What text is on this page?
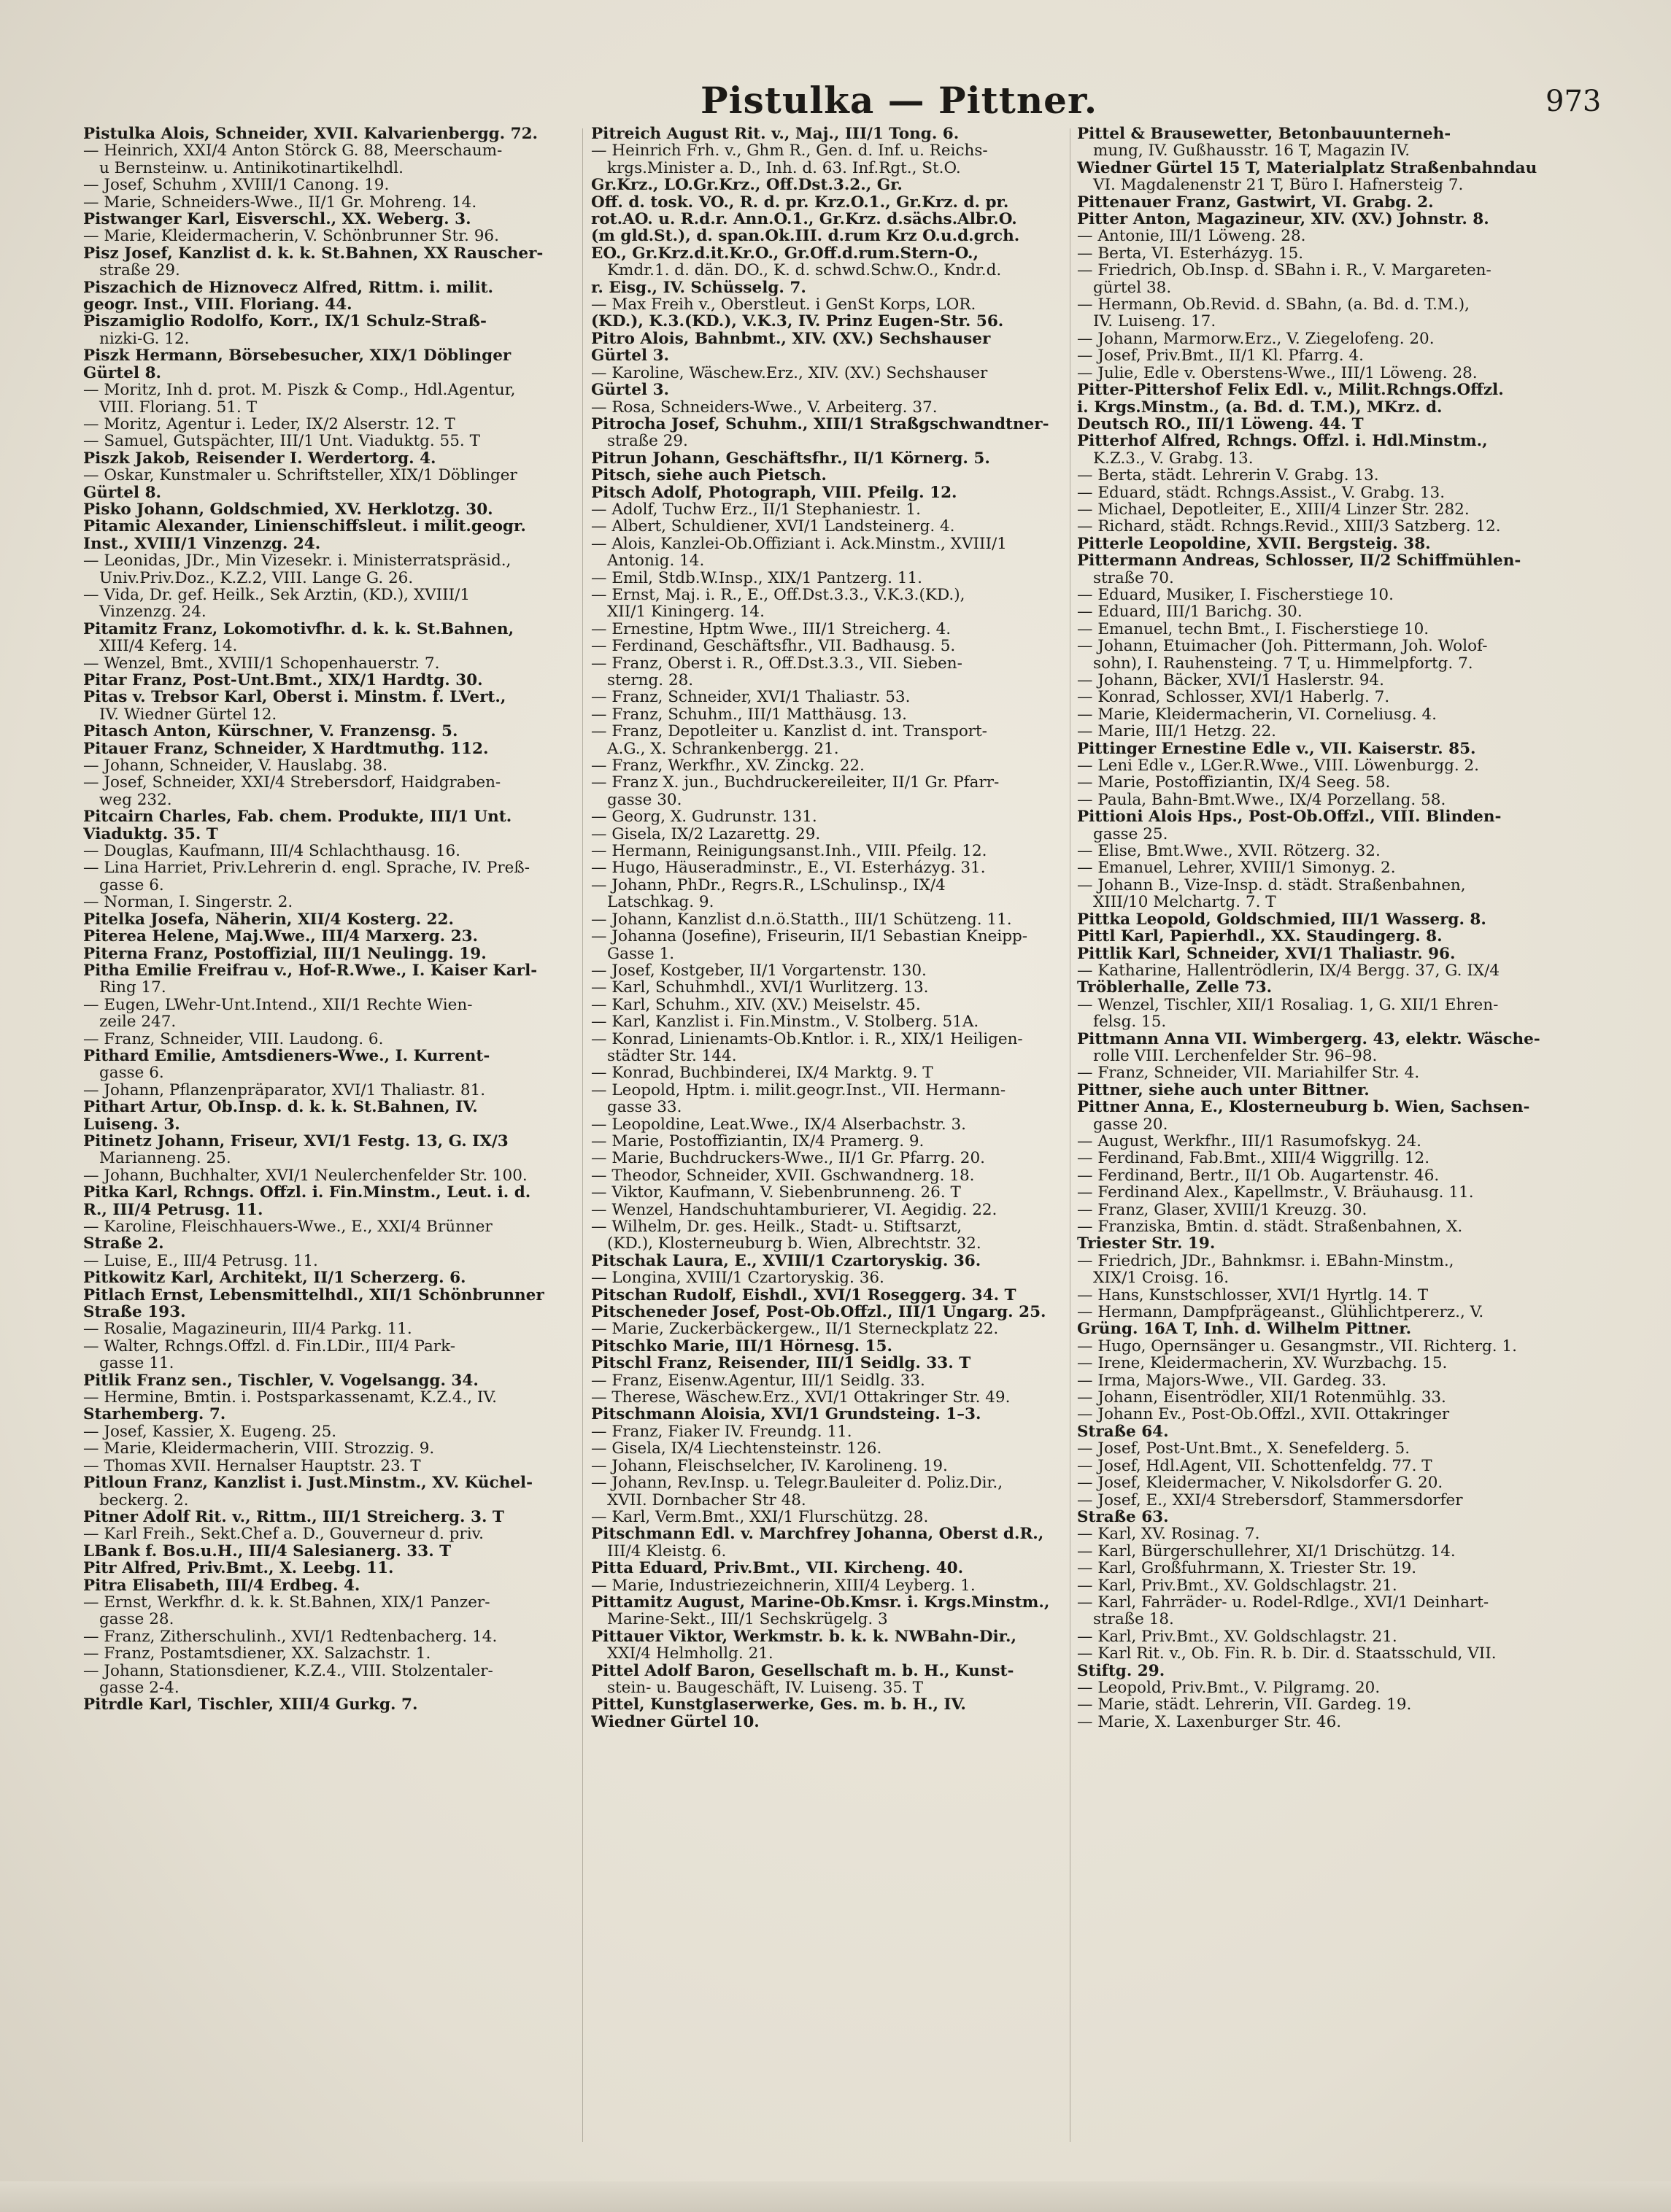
Pistulka — Pittner.	973
Pistulka Alois, Schneider, XVII. Kalvarienbergg. 72.
— Heinrich, XXI/4 Anton Störck G. 88, Meerschaum-
u Bernsteinw. u. Antinikotinartikelhdl.
— Josef, Schuhm , XVIII/1 Canong. 19.
— Marie, Schneiders-Wwe., II/1 Gr. Mohreng. 14.
Pistwanger Karl, Eisverschl., XX. Weberg. 3.
— Marie, Kleidermacherin, V. Schönbrunner Str. 96.
Pisz Josef, Kanzlist d. k. k. St.Bahnen, XX Rauscher-
straße 29.
Piszachich de Hiznovecz Alfred, Rittm. i. milit.
geogr. Inst., VIII. Floriang. 44.
Piszamiglio Rodolfo, Korr., IX/1 Schulz-Straß-
nizki-G. 12.
Piszk Hermann, Börsebesucher, XIX/1 Döblinger
Gürtel 8.
— Moritz, Inh d. prot. M. Piszk & Comp., Hdl.Agentur,
VIII. Floriang. 51. T
— Moritz, Agentur i. Leder, IX/2 Alserstr. 12. T
— Samuel, Gutspächter, III/1 Unt. Viaduktg. 55. T
Piszk Jakob, Reisender I. Werdertorg. 4.
— Oskar, Kunstmaler u. Schriftsteller, XIX/1 Döblinger
Gürtel 8.
Pisko Johann, Goldschmied, XV. Herklotzg. 30.
Pitamic Alexander, Linienschiffsleut. i milit.geogr.
Inst., XVIII/1 Vinzenzg. 24.
— Leonidas, JDr., Min Vizesekr. i. Ministerratspräsid.,
Univ.Priv.Doz., K.Z.2, VIII. Lange G. 26.
— Vida, Dr. gef. Heilk., Sek Ärztin, (KD.), XVIII/1
Vinzenzg. 24.
Pitamitz Franz, Lokomotivfhr. d. k. k. St.Bahnen,
XIII/4 Keferg. 14.
— Wenzel, Bmt., XVIII/1 Schopenhauerstr. 7.
Pitar Franz, Post-Unt.Bmt., XIX/1 Hardtg. 30.
Pitas v. Trebsor Karl, Oberst i. Minstm. f. LVert.,
IV. Wiedner Gürtel 12.
Pitasch Anton, Kürschner, V. Franzensg. 5.
Pitauer Franz, Schneider, X Hardtmuthg. 112.
— Johann, Schneider, V. Hauslabg. 38.
— Josef, Schneider, XXI/4 Strebersdorf, Haidgraben-
weg 232.
Pitcairn Charles, Fab. chem. Produkte, III/1 Unt.
Viaduktg. 35. T
— Douglas, Kaufmann, III/4 Schlachthausg. 16.
— Lina Harriet, Priv.Lehrerin d. engl. Sprache, IV. Preß-
gasse 6.
— Norman, I. Singerstr. 2.
Pitelka Josefa, Näherin, XII/4 Kosterg. 22.
Piterea Helene, Maj.Wwe., III/4 Marxerg. 23.
Piterna Franz, Postoffizial, III/1 Neulingg. 19.
Pitha Emilie Freifrau v., Hof-R.Wwe., I. Kaiser Karl-
Ring 17.
— Eugen, LWehr-Unt.Intend., XII/1 Rechte Wien-
zeile 247.
— Franz, Schneider, VIII. Laudong. 6.
Pithard Emilie, Amtsdieners-Wwe., I. Kurrent-
gasse 6.
— Johann, Pflanzenpräparator, XVI/1 Thaliastr. 81.
Pithart Artur, Ob.Insp. d. k. k. St.Bahnen, IV.
Luiseng. 3.
Pitinetz Johann, Friseur, XVI/1 Festg. 13, G. IX/3
Marianneng. 25.
— Johann, Buchhalter, XVI/1 Neulerchenfelder Str. 100.
Pitka Karl, Rchngs. Offzl. i. Fin.Minstm., Leut. i. d.
R., III/4 Petrusg. 11.
— Karoline, Fleischhauers-Wwe., E., XXI/4 Brünner
Straße 2.
— Luise, E., III/4 Petrusg. 11.
Pitkowitz Karl, Architekt, II/1 Scherzerg. 6.
Pitlach Ernst, Lebensmittelhdl., XII/1 Schönbrunner
Straße 193.
— Rosalie, Magazineurin, III/4 Parkg. 11.
— Walter, Rchngs.Offzl. d. Fin.LDir., III/4 Park-
gasse 11.
Pitlik Franz sen., Tischler, V. Vogelsangg. 34.
— Hermine, Bmtin. i. Postsparkassenamt, K.Z.4., IV.
Starhemberg. 7.
— Josef, Kassier, X. Eugeng. 25.
— Marie, Kleidermacherin, VIII. Strozzig. 9.
— Thomas XVII. Hernalser Hauptstr. 23. T
Pitloun Franz, Kanzlist i. Just.Minstm., XV. Küchel-
beckerg. 2.
Pitner Adolf Rit. v., Rittm., III/1 Streicherg. 3. T
— Karl Freih., Sekt.Chef a. D., Gouverneur d. priv.
LBank f. Bos.u.H., III/4 Salesianerg. 33. T
Pitr Alfred, Priv.Bmt., X. Leebg. 11.
Pitra Elisabeth, III/4 Erdbeg. 4.
— Ernst, Werkfhr. d. k. k. St.Bahnen, XIX/1 Panzer-
gasse 28.
— Franz, Zitherschulinh., XVI/1 Redtenbacherg. 14.
— Franz, Postamtsdiener, XX. Salzachstr. 1.
— Johann, Stationsdiener, K.Z.4., VIII. Stolzentaler-
gasse 2-4.
Pitrdle Karl, Tischler, XIII/4 Gurkg. 7.
Pitreich August Rit. v., Maj., III/1 Tong. 6.
— Heinrich Frh. v., Ghm R., Gen. d. Inf. u. Reichs-
krgs.Minister a. D., Inh. d. 63. Inf.Rgt., St.O.
Gr.Krz., LO.Gr.Krz., Off.Dst.3.2., Gr.
Off. d. tosk. VO., R. d. pr. Krz.O.1., Gr.Krz. d. pr.
rot.AO. u. R.d.r. Ann.O.1., Gr.Krz. d.sächs.Albr.O.
(m gld.St.), d. span.Ok.III. d.rum Krz O.u.d.grch.
EO., Gr.Krz.d.it.Kr.O., Gr.Off.d.rum.Stern-O.,
Kmdr.1. d. dän. DO., K. d. schwd.Schw.O., Kndr.d.
r. Eisg., IV. Schüsselg. 7.
— Max Freih v., Oberstleut. i GenSt Korps, LOR.
(KD.), K.3.(KD.), V.K.3, IV. Prinz Eugen-Str. 56.
Pitro Alois, Bahnbmt., XIV. (XV.) Sechshauser
Gürtel 3.
— Karoline, Wäschew.Erz., XIV. (XV.) Sechshauser
Gürtel 3.
— Rosa, Schneiders-Wwe., V. Arbeiterg. 37.
Pitrocha Josef, Schuhm., XIII/1 Straßgschwandtner-
straße 29.
Pitrun Johann, Geschäftsfhr., II/1 Körnerg. 5.
Pitsch, siehe auch Pietsch.
Pitsch Adolf, Photograph, VIII. Pfeilg. 12.
— Adolf, Tuchw Erz., II/1 Stephaniestr. 1.
— Albert, Schuldiener, XVI/1 Landsteinerg. 4.
— Alois, Kanzlei-Ob.Offiziant i. Ack.Minstm., XVIII/1
Antonig. 14.
— Emil, Stdb.W.Insp., XIX/1 Pantzerg. 11.
— Ernst, Maj. i. R., E., Off.Dst.3.3., V.K.3.(KD.),
XII/1 Kiningerg. 14.
— Ernestine, Hptm Wwe., III/1 Streicherg. 4.
— Ferdinand, Geschäftsfhr., VII. Badhausg. 5.
— Franz, Oberst i. R., Off.Dst.3.3., VII. Sieben-
sterng. 28.
— Franz, Schneider, XVI/1 Thaliastr. 53.
— Franz, Schuhm., III/1 Matthäusg. 13.
— Franz, Depotleiter u. Kanzlist d. int. Transport-
A.G., X. Schrankenbergg. 21.
— Franz, Werkfhr., XV. Zinckg. 22.
— Franz X. jun., Buchdruckereileiter, II/1 Gr. Pfarr-
gasse 30.
— Georg, X. Gudrunstr. 131.
— Gisela, IX/2 Lazarettg. 29.
— Hermann, Reinigungsanst.Inh., VIII. Pfeilg. 12.
— Hugo, Häuseradminstr., E., VI. Esterházyg. 31.
— Johann, PhDr., Regrs.R., LSchulinsp., IX/4
Latschkag. 9.
— Johann, Kanzlist d.n.ö.Statth., III/1 Schützeng. 11.
— Johanna (Josefine), Friseurin, II/1 Sebastian Kneipp-
Gasse 1.
— Josef, Kostgeber, II/1 Vorgartenstr. 130.
— Karl, Schuhmhdl., XVI/1 Wurlitzerg. 13.
— Karl, Schuhm., XIV. (XV.) Meiselstr. 45.
— Karl, Kanzlist i. Fin.Minstm., V. Stolberg. 51A.
— Konrad, Linienamts-Ob.Kntlor. i. R., XIX/1 Heiligen-
städter Str. 144.
— Konrad, Buchbinderei, IX/4 Marktg. 9. T
— Leopold, Hptm. i. milit.geogr.Inst., VII. Hermann-
gasse 33.
— Leopoldine, Leat.Wwe., IX/4 Alserbachstr. 3.
— Marie, Postoffiziantin, IX/4 Pramerg. 9.
— Marie, Buchdruckers-Wwe., II/1 Gr. Pfarrg. 20.
— Theodor, Schneider, XVII. Gschwandnerg. 18.
— Viktor, Kaufmann, V. Siebenbrunneng. 26. T
— Wenzel, Handschuhtamburierer, VI. Aegidig. 22.
— Wilhelm, Dr. ges. Heilk., Stadt- u. Stiftsarzt,
(KD.), Klosterneuburg b. Wien, Albrechtstr. 32.
Pitschak Laura, E., XVIII/1 Czartoryskig. 36.
— Longina, XVIII/1 Czartoryskig. 36.
Pitschan Rudolf, Eishdl., XVI/1 Roseggerg. 34. T
Pitscheneder Josef, Post-Ob.Offzl., III/1 Ungarg. 25.
— Marie, Zuckerbäckergew., II/1 Sterneckplatz 22.
Pitschko Marie, III/1 Hörnesg. 15.
Pitschl Franz, Reisender, III/1 Seidlg. 33. T
— Franz, Eisenw.Agentur, III/1 Seidlg. 33.
— Therese, Wäschew.Erz., XVI/1 Ottakringer Str. 49.
Pitschmann Aloisia, XVI/1 Grundsteing. 1–3.
— Franz, Fiaker IV. Freundg. 11.
— Gisela, IX/4 Liechtensteinstr. 126.
— Johann, Fleischselcher, IV. Karolineng. 19.
— Johann, Rev.Insp. u. Telegr.Bauleiter d. Poliz.Dir.,
XVII. Dornbacher Str 48.
— Karl, Verm.Bmt., XXI/1 Flurschützg. 28.
Pitschmann Edl. v. Marchfrey Johanna, Oberst d.R.,
III/4 Kleistg. 6.
Pitta Eduard, Priv.Bmt., VII. Kircheng. 40.
— Marie, Industriezeichnerin, XIII/4 Leyberg. 1.
Pittamitz August, Marine-Ob.Kmsr. i. Krgs.Minstm.,
Marine-Sekt., III/1 Sechskrügelg. 3
Pittauer Viktor, Werkmstr. b. k. k. NWBahn-Dir.,
XXI/4 Helmhollg. 21.
Pittel Adolf Baron, Gesellschaft m. b. H., Kunst-
stein- u. Baugeschäft, IV. Luiseng. 35. T
Pittel, Kunstglaserwerke, Ges. m. b. H., IV.
Wiedner Gürtel 10.
Pittel & Brausewetter, Betonbauunterneh-
mung, IV. Gußhausstr. 16 T, Magazin IV.
Wiedner Gürtel 15 T, Materialplatz Straßenbahndau
VI. Magdalenenstr 21 T, Büro I. Hafnersteig 7.
Pittenauer Franz, Gastwirt, VI. Grabg. 2.
Pitter Anton, Magazineur, XIV. (XV.) Johnstr. 8.
— Antonie, III/1 Löweng. 28.
— Berta, VI. Esterházyg. 15.
— Friedrich, Ob.Insp. d. SBahn i. R., V. Margareten-
gürtel 38.
— Hermann, Ob.Revid. d. SBahn, (a. Bd. d. T.M.),
IV. Luiseng. 17.
— Johann, Marmorw.Erz., V. Ziegelofeng. 20.
— Josef, Priv.Bmt., II/1 Kl. Pfarrg. 4.
— Julie, Edle v. Oberstens-Wwe., III/1 Löweng. 28.
Pitter-Pittershof Felix Edl. v., Milit.Rchngs.Offzl.
i. Krgs.Minstm., (a. Bd. d. T.M.), MKrz. d.
Deutsch RO., III/1 Löweng. 44. T
Pitterhof Alfred, Rchngs. Offzl. i. Hdl.Minstm.,
K.Z.3., V. Grabg. 13.
— Berta, städt. Lehrerin V. Grabg. 13.
— Eduard, städt. Rchngs.Assist., V. Grabg. 13.
— Michael, Depotleiter, E., XIII/4 Linzer Str. 282.
— Richard, städt. Rchngs.Revid., XIII/3 Satzberg. 12.
Pitterle Leopoldine, XVII. Bergsteig. 38.
Pittermann Andreas, Schlosser, II/2 Schiffmühlen-
straße 70.
— Eduard, Musiker, I. Fischerstiege 10.
— Eduard, III/1 Barichg. 30.
— Emanuel, techn Bmt., I. Fischerstiege 10.
— Johann, Etuimacher (Joh. Pittermann, Joh. Wolof-
sohn), I. Rauhensteing. 7 T, u. Himmelpfortg. 7.
— Johann, Bäcker, XVI/1 Haslerstr. 94.
— Konrad, Schlosser, XVI/1 Haberlg. 7.
— Marie, Kleidermacherin, VI. Corneliusg. 4.
— Marie, III/1 Hetzg. 22.
Pittinger Ernestine Edle v., VII. Kaiserstr. 85.
— Leni Edle v., LGer.R.Wwe., VIII. Löwenburgg. 2.
— Marie, Postoffiziantin, IX/4 Seeg. 58.
— Paula, Bahn-Bmt.Wwe., IX/4 Porzellang. 58.
Pittioni Alois Hps., Post-Ob.Offzl., VIII. Blinden-
gasse 25.
— Elise, Bmt.Wwe., XVII. Rötzerg. 32.
— Emanuel, Lehrer, XVIII/1 Simonyg. 2.
— Johann B., Vize-Insp. d. städt. Straßenbahnen,
XIII/10 Melchartg. 7. T
Pittka Leopold, Goldschmied, III/1 Wasserg. 8.
Pittl Karl, Papierhdl., XX. Staudingerg. 8.
Pittlik Karl, Schneider, XVI/1 Thaliastr. 96.
— Katharine, Hallentrödlerin, IX/4 Bergg. 37, G. IX/4
Tröblerhalle, Zelle 73.
— Wenzel, Tischler, XII/1 Rosaliag. 1, G. XII/1 Ehren-
felsg. 15.
Pittmann Anna VII. Wimbergerg. 43, elektr. Wäsche-
rolle VIII. Lerchenfelder Str. 96–98.
— Franz, Schneider, VII. Mariahilfer Str. 4.
Pittner, siehe auch unter Bittner.
Pittner Anna, E., Klosterneuburg b. Wien, Sachsen-
gasse 20.
— August, Werkfhr., III/1 Rasumofskyg. 24.
— Ferdinand, Fab.Bmt., XIII/4 Wiggrillg. 12.
— Ferdinand, Bertr., II/1 Ob. Augartenstr. 46.
— Ferdinand Alex., Kapellmstr., V. Bräuhausg. 11.
— Franz, Glaser, XVIII/1 Kreuzg. 30.
— Franziska, Bmtin. d. städt. Straßenbahnen, X.
Triester Str. 19.
— Friedrich, JDr., Bahnkmsr. i. EBahn-Minstm.,
XIX/1 Croisg. 16.
— Hans, Kunstschlosser, XVI/1 Hyrtlg. 14. T
— Hermann, Dampfprägeanst., Glühlichtpererz., V.
Grüng. 16A T, Inh. d. Wilhelm Pittner.
— Hugo, Opernsänger u. Gesangmstr., VII. Richterg. 1.
— Irene, Kleidermacherin, XV. Wurzbachg. 15.
— Irma, Majors-Wwe., VII. Gardeg. 33.
— Johann, Eisentrödler, XII/1 Rotenmühlg. 33.
— Johann Ev., Post-Ob.Offzl., XVII. Ottakringer
Straße 64.
— Josef, Post-Unt.Bmt., X. Senefelderg. 5.
— Josef, Hdl.Agent, VII. Schottenfeldg. 77. T
— Josef, Kleidermacher, V. Nikolsdorfer G. 20.
— Josef, E., XXI/4 Strebersdorf, Stammersdorfer
Straße 63.
— Karl, XV. Rosinag. 7.
— Karl, Bürgerschullehrer, XI/1 Drischützg. 14.
— Karl, Großfuhrmann, X. Triester Str. 19.
— Karl, Priv.Bmt., XV. Goldschlagstr. 21.
— Karl, Fahrräder- u. Rodel-Rdlge., XVI/1 Deinhart-
straße 18.
— Karl, Priv.Bmt., XV. Goldschlagstr. 21.
— Karl Rit. v., Ob. Fin. R. b. Dir. d. Staatsschuld, VII.
Stiftg. 29.
— Leopold, Priv.Bmt., V. Pilgramg. 20.
— Marie, städt. Lehrerin, VII. Gardeg. 19.
— Marie, X. Laxenburger Str. 46.
